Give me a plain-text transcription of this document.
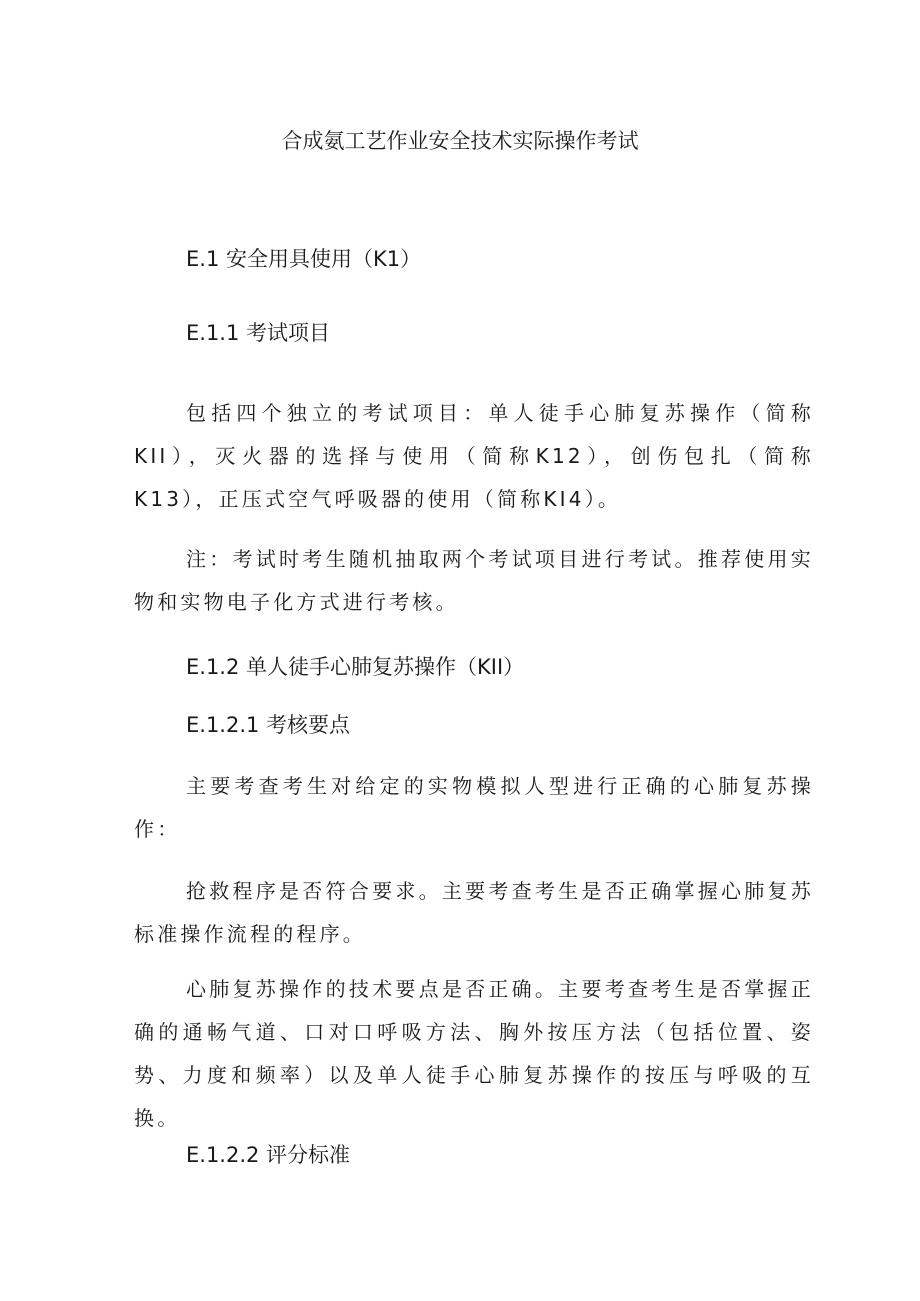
合成氨工艺作业安全技术实际操作考试
E.1 安全用具使用（K1）
E.1.1 考试项目

包括四个独立的考试项目：单人徒手心肺复苏操作（简称KII），灭火器的选择与使用（简称K12），创伤包扎（简称K13），正压式空气呼吸器的使用（简称KI4）。

注：考试时考生随机抽取两个考试项目进行考试。推荐使用实物和实物电子化方式进行考核。

E.1.2 单人徒手心肺复苏操作（KII）
E.1.2.1 考核要点

主要考查考生对给定的实物模拟人型进行正确的心肺复苏操作：

抢救程序是否符合要求。主要考查考生是否正确掌握心肺复苏标准操作流程的程序。

心肺复苏操作的技术要点是否正确。主要考查考生是否掌握正确的通畅气道、口对口呼吸方法、胸外按压方法（包括位置、姿势、力度和频率）以及单人徒手心肺复苏操作的按压与呼吸的互换。

E.1.2.2 评分标准
